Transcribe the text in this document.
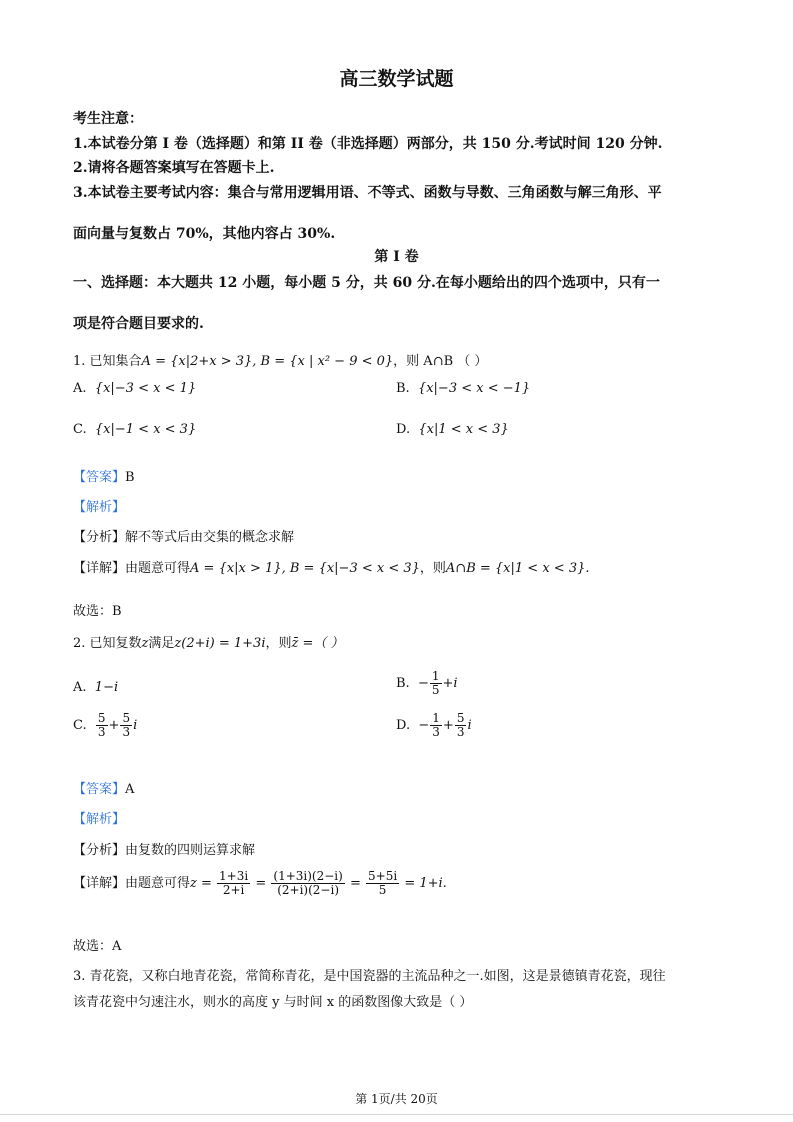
高三数学试题
考生注意：
1.本试卷分第 I 卷（选择题）和第 II 卷（非选择题）两部分，共 150 分.考试时间 120 分钟.
2.请将各题答案填写在答题卡上.
3.本试卷主要考试内容：集合与常用逻辑用语、不等式、函数与导数、三角函数与解三角形、平
面向量与复数占 70%，其他内容占 30%.
第 I 卷
一、选择题：本大题共 12 小题，每小题 5 分，共 60 分.在每小题给出的四个选项中，只有一
项是符合题目要求的.
1. 已知集合A = {x|2+x > 3}, B = {x | x² − 9 < 0}，则 A∩B （ ）
A. {x|−3 < x < 1}	B. {x|−3 < x < −1}
C. {x|−1 < x < 3}	D. {x|1 < x < 3}
【答案】B
【解析】
【分析】解不等式后由交集的概念求解
【详解】由题意可得A = {x|x > 1}, B = {x|−3 < x < 3}，则A∩B = {x|1 < x < 3}.
故选：B
2. 已知复数z满足z(2+i) = 1+3i，则z̄ =（ ）
A. 1−i	B. − $\frac{1}{5} +i$
C. $\frac{5}{3} + \frac{5}{3}$ i	D. − $\frac{1}{3} + \frac{5}{3}$ i
【答案】A
【解析】
【分析】由复数的四则运算求解
【详解】由题意可得$z = \frac{1+3i}{2+i} = \frac{(1+3i)(2-i)}{(2+i)(2-i)} = \frac{5+5i}{5} = 1+i$.
故选：A
3. 青花瓷，又称白地青花瓷，常简称青花，是中国瓷器的主流品种之一.如图，这是景德镇青花瓷，现往
该青花瓷中匀速注水，则水的高度 y 与时间 x 的函数图像大致是（ ）
第 1页/共 20页
